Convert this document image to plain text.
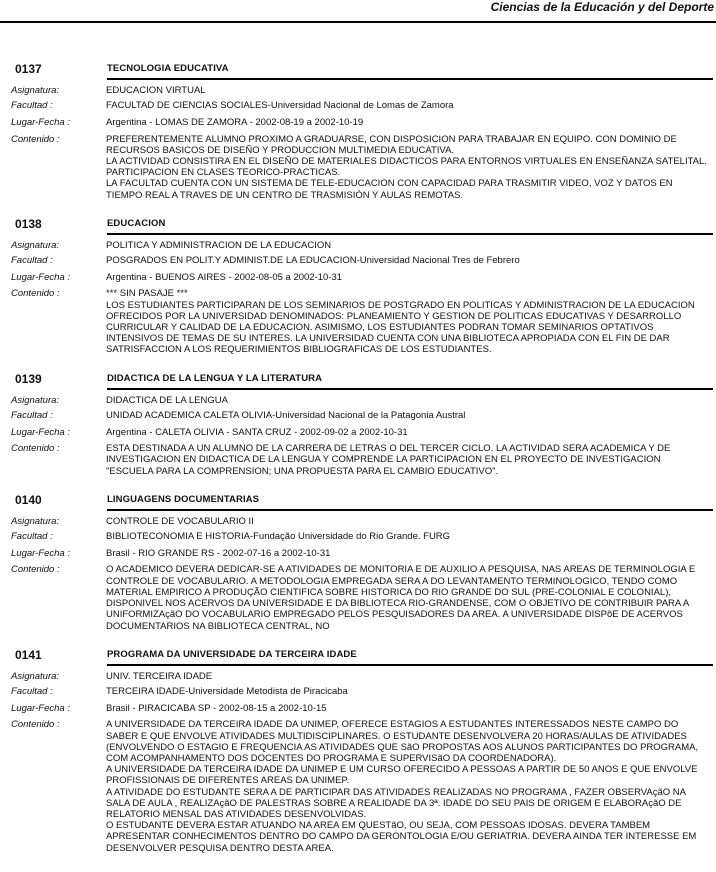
Ciencias de la Educación y del Deporte
0137	TECNOLOGIA EDUCATIVA
Asignatura:	EDUCACION VIRTUAL
Facultad :	FACULTAD DE CIENCIAS SOCIALES-Universidad Nacional de Lomas de Zamora
Lugar-Fecha :	Argentina - LOMAS DE ZAMORA - 2002-08-19 a 2002-10-19
Contenido :	PREFERENTEMENTE ALUMNO PROXIMO A GRADUARSE, CON DISPOSICION PARA TRABAJAR EN EQUIPO. CON DOMINIO DE RECURSOS BASICOS DE DISEÑO Y PRODUCCION MULTIMEDIA EDUCATIVA.

LA ACTIVIDAD CONSISTIRA EN EL DISEÑO DE MATERIALES DIDACTICOS PARA ENTORNOS VIRTUALES EN ENSEÑANZA SATELITAL. PARTICIPACION EN CLASES TEORICO-PRACTICAS.

LA FACULTAD CUENTA CON UN SISTEMA DE TELE-EDUCACION CON CAPACIDAD PARA TRASMITIR VIDEO, VOZ Y DATOS EN TIEMPO REAL A TRAVES DE UN CENTRO DE TRASMISIÓN Y AULAS REMOTAS.

0138	EDUCACION
Asignatura:	POLITICA Y ADMINISTRACION DE LA EDUCACION
Facultad :	POSGRADOS EN POLIT.Y ADMINIST.DE LA EDUCACION-Universidad Nacional Tres de Febrero
Lugar-Fecha :	Argentina - BUENOS AIRES - 2002-08-05 a 2002-10-31
Contenido :	*** SIN PASAJE ***

LOS ESTUDIANTES PARTICIPARAN DE LOS SEMINARIOS DE POSTGRADO EN POLITICAS Y ADMINISTRACION DE LA EDUCACION OFRECIDOS POR LA UNIVERSIDAD DENOMINADOS: PLANEAMIENTO Y GESTION DE POLITICAS EDUCATIVAS Y DESARROLLO CURRICULAR Y CALIDAD DE LA EDUCACION. ASIMISMO, LOS ESTUDIANTES PODRAN TOMAR SEMINARIOS OPTATIVOS INTENSIVOS DE TEMAS DE SU INTERES. LA UNIVERSIDAD CUENTA CON UNA BIBLIOTECA APROPIADA CON EL FIN DE DAR SATRISFACCION A LOS REQUERIMIENTOS BIBLIOGRAFICAS DE LOS ESTUDIANTES.

0139	DIDACTICA DE LA LENGUA Y LA LITERATURA
Asignatura:	DIDACTICA DE LA LENGUA
Facultad :	UNIDAD ACADEMICA CALETA OLIVIA-Universidad Nacional de la Patagonia Austral
Lugar-Fecha :	Argentina - CALETA OLIVIA - SANTA CRUZ - 2002-09-02 a 2002-10-31
Contenido :	ESTA DESTINADA A UN ALUMNO DE LA CARRERA DE LETRAS O DEL TERCER CICLO. LA ACTIVIDAD SERA ACADEMICA Y DE INVESTIGACION EN DIDACTICA DE LA LENGUA Y COMPRENDE LA PARTICIPACION EN EL PROYECTO DE INVESTIGACION "ESCUELA PARA LA COMPRENSION; UNA PROPUESTA PARA EL CAMBIO EDUCATIVO".

0140	LINGUAGENS DOCUMENTARIAS
Asignatura:	CONTROLE DE VOCABULARIO II
Facultad :	BIBLIOTECONOMIA E HISTORIA-Fundação Universidade do Rio Grande. FURG
Lugar-Fecha :	Brasil - RIO GRANDE RS - 2002-07-16 a 2002-10-31
Contenido :	O ACADEMICO DEVERA DEDICAR-SE A ATIVIDADES DE MONITORIA E DE AUXILIO A PESQUISA, NAS AREAS DE TERMINOLOGIA E CONTROLE DE VOCABULARIO. A METODOLOGIA EMPREGADA SERA A DO LEVANTAMENTO TERMINOLOGICO, TENDO COMO MATERIAL EMPIRICO A PRODUÇÃO CIENTIFICA SOBRE HISTORICA DO RIO GRANDE DO SUL (PRE-COLONIAL E COLONIAL), DISPONIVEL NOS ACERVOS DA UNIVERSIDADE E DA BIBLIOTECA RIO-GRANDENSE, COM O OBJETIVO DE CONTRIBUIR PARA A UNIFORMIZAçãO DO VOCABULARIO EMPREGADO PELOS PESQUISADORES DA AREA. A UNIVERSIDADE DISPõE DE ACERVOS DOCUMENTARIOS NA BIBLIOTECA CENTRAL, NO

0141	PROGRAMA DA UNIVERSIDADE DA TERCEIRA IDADE
Asignatura:	UNIV. TERCEIRA IDADE
Facultad :	TERCEIRA IDADE-Universidade Metodista de Piracicaba
Lugar-Fecha :	Brasil - PIRACICABA SP - 2002-08-15 a 2002-10-15
Contenido :	A UNIVERSIDADE DA TERCEIRA IDADE DA UNIMEP, OFERECE ESTAGIOS A ESTUDANTES INTERESSADOS NESTE CAMPO DO SABER E QUE ENVOLVE ATIVIDADES MULTIDISCIPLINARES. O ESTUDANTE DESENVOLVERA 20 HORAS/AULAS DE ATIVIDADES (ENVOLVENDO O ESTAGIO E FREQUENCIA AS ATIVIDADES QUE SãO PROPOSTAS AOS ALUNOS PARTICIPANTES DO PROGRAMA, COM ACOMPANHAMENTO DOS DOCENTES DO PROGRAMA E SUPERVISãO DA COORDENADORA).

A UNIVERSIDADE DA TERCEIRA IDADE DA UNIMEP E UM CURSO OFERECIDO A PESSOAS A PARTIR DE 50 ANOS E QUE ENVOLVE PROFISSIONAIS DE DIFERENTES AREAS DA UNIMEP.

A ATIVIDADE DO ESTUDANTE SERA A DE PARTICIPAR DAS ATIVIDADES REALIZADAS NO PROGRAMA , FAZER OBSERVAçãO NA SALA DE AULA , REALIZAçãO DE PALESTRAS SOBRE A REALIDADE DA 3ª. IDADE DO SEU PAIS DE ORIGEM E ELABORAçãO DE RELATORIO MENSAL DAS ATIVIDADES DESENVOLVIDAS.

O ESTUDANTE DEVERA ESTAR ATUANDO NA AREA EM QUESTãO, OU SEJA, COM PESSOAS IDOSAS. DEVERA TAMBEM APRESENTAR CONHECIMENTOS DENTRO DO CAMPO DA GERONTOLOGIA E/OU GERIATRIA. DEVERA AINDA TER INTERESSE EM DESENVOLVER PESQUISA DENTRO DESTA AREA.
